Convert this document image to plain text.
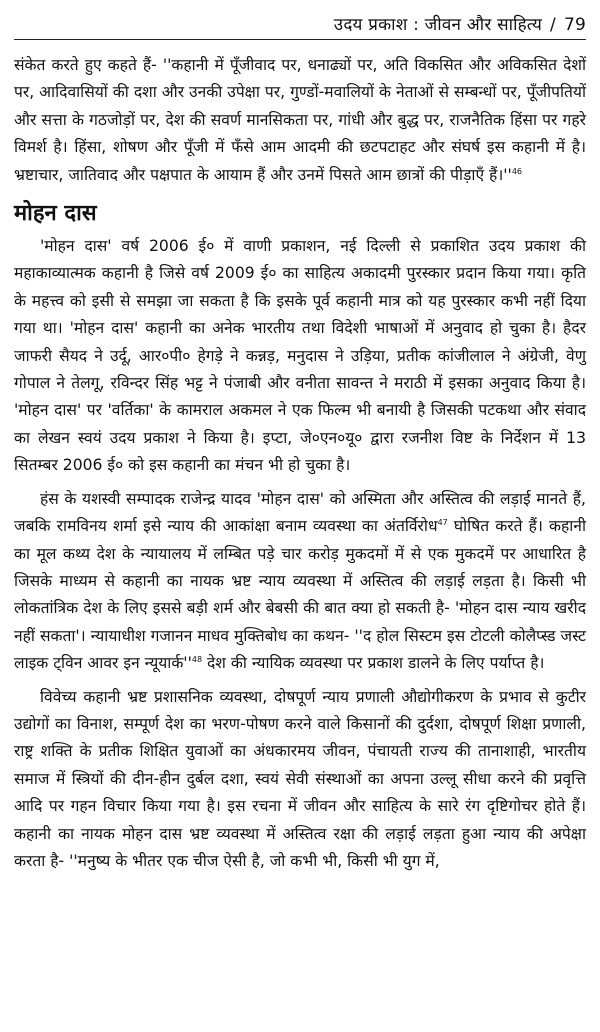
उदय प्रकाश : जीवन और साहित्य / 79

संकेत करते हुए कहते हैं- ''कहानी में पूँजीवाद पर, धनाढ्यों पर, अति विकसित और अविकसित देशों पर, आदिवासियों की दशा और उनकी उपेक्षा पर, गुण्डों-मवालियों के नेताओं से सम्बन्धों पर, पूँजीपतियों और सत्ता के गठजोड़ों पर, देश की सवर्ण मानसिकता पर, गांधी और बुद्ध पर, राजनैतिक हिंसा पर गहरे विमर्श है। हिंसा, शोषण और पूँजी में फँसे आम आदमी की छटपटाहट और संघर्ष इस कहानी में है। भ्रष्टाचार, जातिवाद और पक्षपात के आयाम हैं और उनमें पिसते आम छात्रों की पीड़ाएँ $हैं।''^{46}$

मोहन दास

'मोहन दास' वर्ष 2006 ई० में वाणी प्रकाशन, नई दिल्ली से प्रकाशित उदय प्रकाश की महाकाव्यात्मक कहानी है जिसे वर्ष 2009 ई० का साहित्य अकादमी पुरस्कार प्रदान किया गया। कृति के महत्त्व को इसी से समझा जा सकता है कि इसके पूर्व कहानी मात्र को यह पुरस्कार कभी नहीं दिया गया था। 'मोहन दास' कहानी का अनेक भारतीय तथा विदेशी भाषाओं में अनुवाद हो चुका है। हैदर जाफरी सैयद ने उर्दू, आर०पी० हेगड़े ने कन्नड़, मनुदास ने उड़िया, प्रतीक कांजीलाल ने अंग्रेजी, वेणु गोपाल ने तेलगू, रविन्दर सिंह भट्ट ने पंजाबी और वनीता सावन्त ने मराठी में इसका अनुवाद किया है। 'मोहन दास' पर 'वर्तिका' के कामराल अकमल ने एक फिल्म भी बनायी है जिसकी पटकथा और संवाद का लेखन स्वयं उदय प्रकाश ने किया है। इप्टा, जे०एन०यू० द्वारा रजनीश विष्ट के निर्देशन में 13 सितम्बर 2006 ई० को इस कहानी का मंचन भी हो चुका है।

हंस के यशस्वी सम्पादक राजेन्द्र यादव 'मोहन दास' को अस्मिता और अस्तित्व की लड़ाई मानते हैं, जबकि रामविनय शर्मा इसे न्याय की आकांक्षा बनाम व्यवस्था का अंतर्विरोध$^{47}$ घोषित करते हैं। कहानी का मूल कथ्य देश के न्यायालय में लम्बित पड़े चार करोड़ मुकदमों में से एक मुकदमें पर आधारित है जिसके माध्यम से कहानी का नायक भ्रष्ट न्याय व्यवस्था में अस्तित्व की लड़ाई लड़ता है। किसी भी लोकतांत्रिक देश के लिए इससे बड़ी शर्म और बेबसी की बात क्या हो सकती है- 'मोहन दास न्याय खरीद नहीं सकता'। न्यायाधीश गजानन माधव मुक्तिबोध का कथन- ''द होल सिस्टम इस टोटली कोलैप्स्ड जस्ट लाइक ट्विन आवर इन $न्यूयार्क''^{48}$ देश की न्यायिक व्यवस्था पर प्रकाश डालने के लिए पर्याप्त है।

विवेच्य कहानी भ्रष्ट प्रशासनिक व्यवस्था, दोषपूर्ण न्याय प्रणाली औद्योगीकरण के प्रभाव से कुटीर उद्योगों का विनाश, सम्पूर्ण देश का भरण-पोषण करने वाले किसानों की दुर्दशा, दोषपूर्ण शिक्षा प्रणाली, राष्ट्र शक्ति के प्रतीक शिक्षित युवाओं का अंधकारमय जीवन, पंचायती राज्य की तानाशाही, भारतीय समाज में स्त्रियों की दीन-हीन दुर्बल दशा, स्वयं सेवी संस्थाओं का अपना उल्लू सीधा करने की प्रवृत्ति आदि पर गहन विचार किया गया है। इस रचना में जीवन और साहित्य के सारे रंग दृष्टिगोचर होते हैं। कहानी का नायक मोहन दास भ्रष्ट व्यवस्था में अस्तित्व रक्षा की लड़ाई लड़ता हुआ न्याय की अपेक्षा करता है- ''मनुष्य के भीतर एक चीज ऐसी है, जो कभी भी, किसी भी युग में,
